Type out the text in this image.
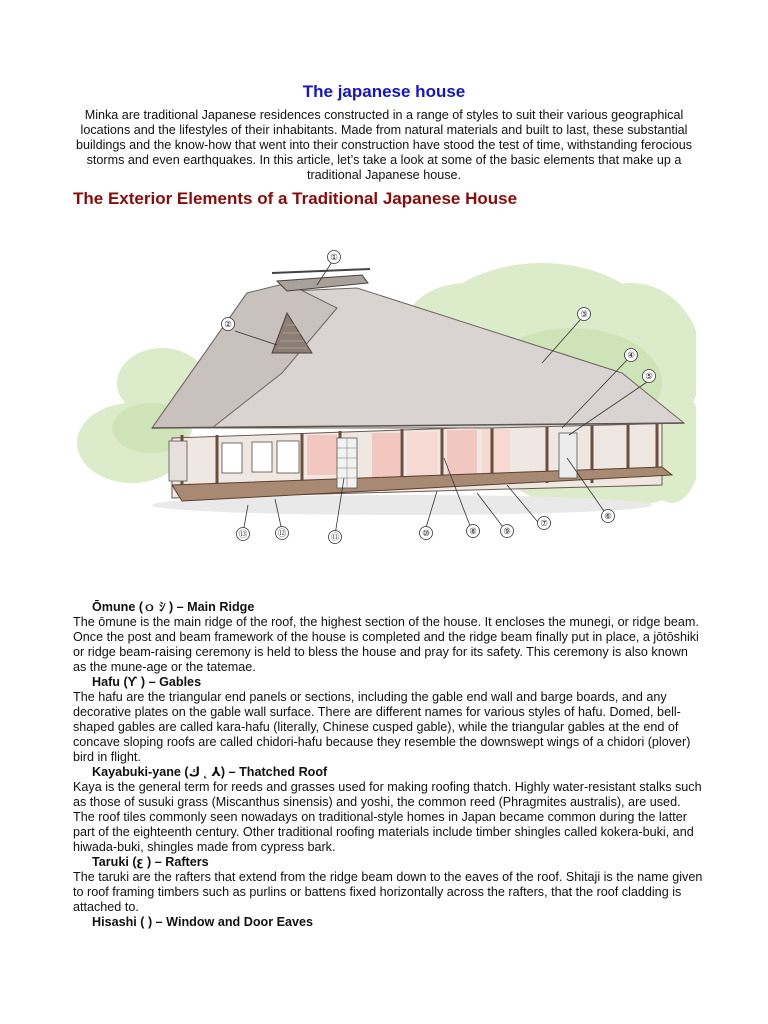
The japanese house

Minka are traditional Japanese residences constructed in a range of styles to suit their various geographical locations and the lifestyles of their inhabitants. Made from natural materials and built to last, these substantial buildings and the know-how that went into their construction have stood the test of time, withstanding ferocious storms and even earthquakes. In this article, let’s take a look at some of the basic elements that make up a traditional Japanese house.

The Exterior Elements of a Traditional Japanese House
①
②
③
④
⑤
⑥
⑦
⑧	⑨
⑩
⑪
⑫
⑬

Ōmune (ｏ ｼ ) – Main Ridge

The ōmune is the main ridge of the roof, the highest section of the house. It encloses the munegi, or ridge beam. Once the post and beam framework of the house is completed and the ridge beam finally put in place, a jōtōshiki or ridge beam-raising ceremony is held to bless the house and pray for its safety. This ceremony is also known as the mune-age or the tatemae.

Hafu (ϒ ) – Gables

The hafu are the triangular end panels or sections, including the gable end wall and barge boards, and any decorative plates on the gable wall surface. There are different names for various styles of hafu. Domed, bell-shaped gables are called kara-hafu (literally, Chinese cusped gable), while the triangular gables at the end of concave sloping roofs are called chidori-hafu because they resemble the downswept wings of a chidori (plover) bird in flight.

Kayabuki-yane (ك ˛ ⅄) – Thatched Roof

Kaya is the general term for reeds and grasses used for making roofing thatch. Highly water-resistant stalks such as those of susuki grass (Miscanthus sinensis) and yoshi, the common reed (Phragmites australis), are used. The roof tiles commonly seen nowadays on traditional-style homes in Japan became common during the latter part of the eighteenth century. Other traditional roofing materials include timber shingles called kokera-buki, and hiwada-buki, shingles made from cypress bark.

Taruki (ꜫ ) – Rafters

The taruki are the rafters that extend from the ridge beam down to the eaves of the roof. Shitaji is the name given to roof framing timbers such as purlins or battens fixed horizontally across the rafters, that the roof cladding is attached to.

Hisashi ( ) – Window and Door Eaves
